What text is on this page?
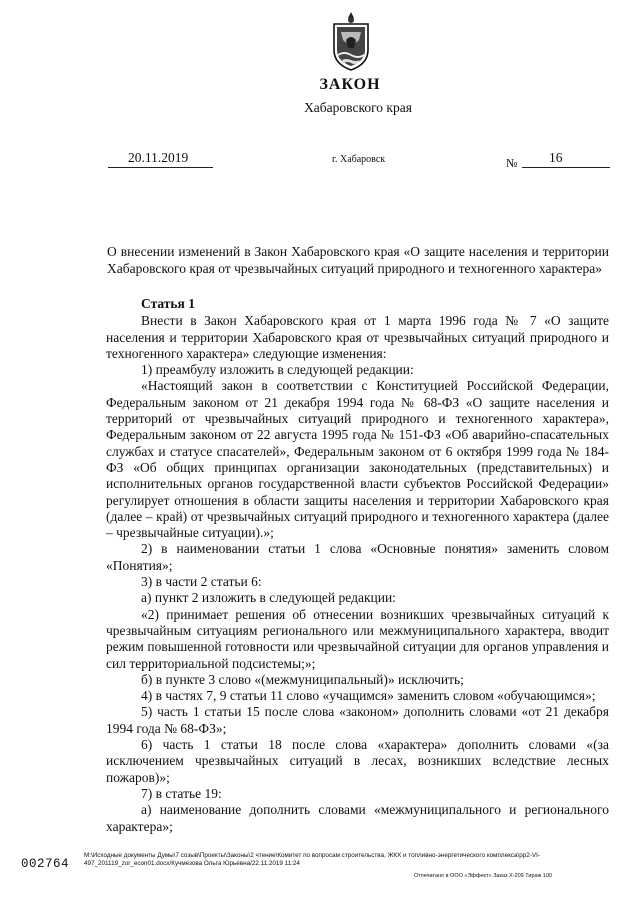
ЗАКОН
Хабаровского края
20.11.2019	г. Хабаровск	№ 16
О внесении изменений в Закон Хабаровского края «О защите населения и территории
Хабаровского края от чрезвычайных ситуаций природного и техногенного характера»

Статья 1

Внести в Закон Хабаровского края от 1 марта 1996 года № 7 «О защите населения и территории Хабаровского края от чрезвычайных ситуаций природного и техногенного характера» следующие изменения:

1) преамбулу изложить в следующей редакции:

«Настоящий закон в соответствии с Конституцией Российской Федерации, Федеральным законом от 21 декабря 1994 года № 68-ФЗ «О защите населения и территорий от чрезвычайных ситуаций природного и техногенного характера», Федеральным законом от 22 августа 1995 года № 151-ФЗ «Об аварийно-спасательных службах и статусе спасателей», Федеральным законом от 6 октября 1999 года № 184-ФЗ «Об общих принципах организации законодательных (представительных) и исполнительных органов государственной власти субъектов Российской Федерации» регулирует отношения в области защиты населения и территории Хабаровского края (далее – край) от чрезвычайных ситуаций природного и техногенного характера (далее – чрезвычайные ситуации).»;

2) в наименовании статьи 1 слова «Основные понятия» заменить словом «Понятия»;

3) в части 2 статьи 6:

а) пункт 2 изложить в следующей редакции:

«2) принимает решения об отнесении возникших чрезвычайных ситуаций к чрезвычайным ситуациям регионального или межмуниципального характера, вводит режим повышенной готовности или чрезвычайной ситуации для органов управления и сил территориальной подсистемы;»;

б) в пункте 3 слово «(межмуниципальный)» исключить;

4) в частях 7, 9 статьи 11 слово «учащимся» заменить словом «обучающимся»;

5) часть 1 статьи 15 после слова «законом» дополнить словами «от 21 декабря 1994 года № 68-ФЗ»;

6) часть 1 статьи 18 после слова «характера» дополнить словами «(за исключением чрезвычайных ситуаций в лесах, возникших вследствие лесных пожаров)»;

7) в статье 19:

а) наименование дополнить словами «межмуниципального и регионального характера»;

002764
M:\Исходные документы Думы\7 созыв\Проекты\Законы\2 чтение\Комитет по вопросам строительства, ЖКХ и топливно-энергетического комплекса\рр2-VI-497_201119_zor_econ01.docx/Кучмезова Ольга Юрьевна/22.11.2019 11:24
Отпечатано в ООО «Эффект» Заказ Х-209 Тираж 100
